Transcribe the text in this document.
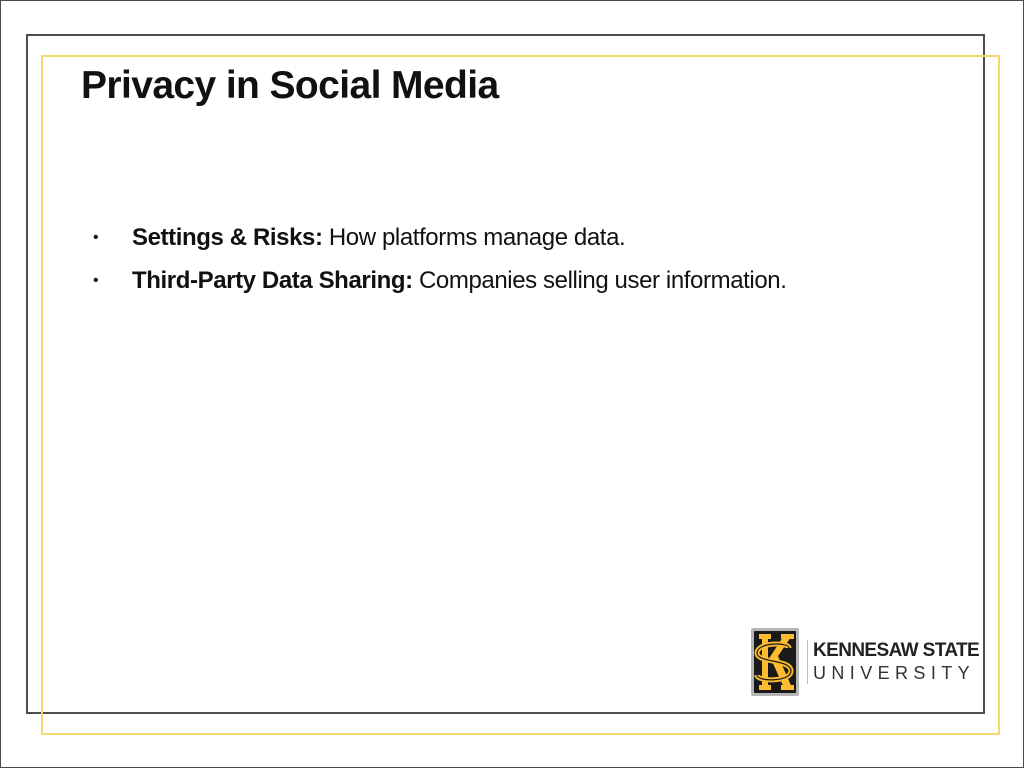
Privacy in Social Media
• Settings & Risks: How platforms manage data.
• Third-Party Data Sharing: Companies selling user information.
KENNESAW STATE
UNIVERSITY
